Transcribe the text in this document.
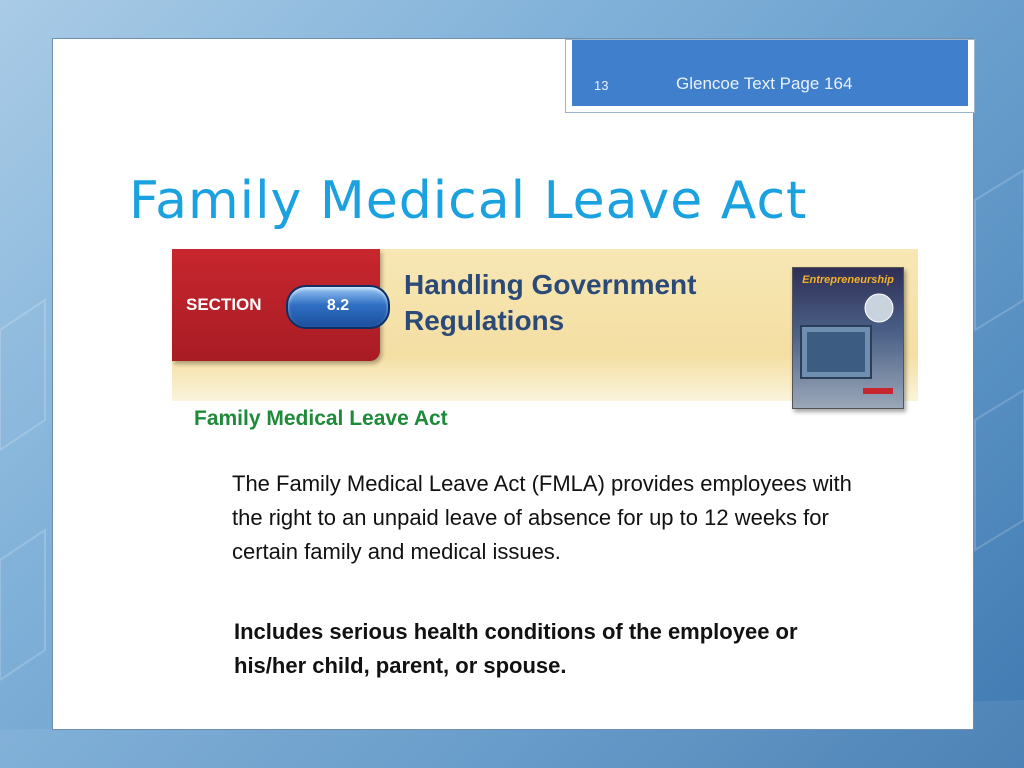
13	Glencoe Text Page 164
Family Medical Leave Act
SECTION	8.2
Handling Government Regulations
Entrepreneurship
Family Medical Leave Act

The Family Medical Leave Act (FMLA) provides employees with the right to an unpaid leave of absence for up to 12 weeks for certain family and medical issues.

Includes serious health conditions of the employee or his/her child, parent, or spouse.
